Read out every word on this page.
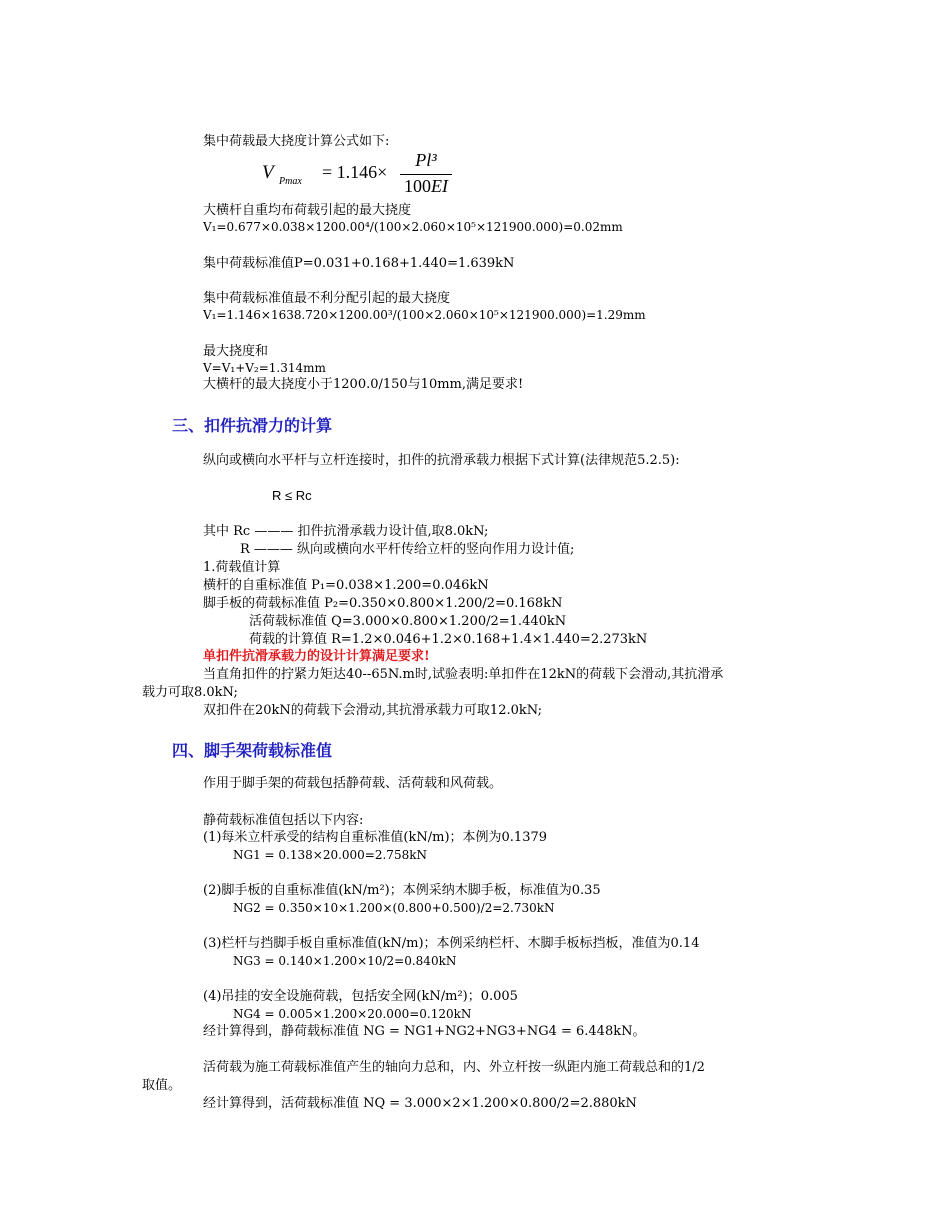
集中荷载最大挠度计算公式如下:
V Pmax = 1.146×
Pl³
100EI
大横杆自重均布荷载引起的最大挠度
V₁=0.677×0.038×1200.00⁴/(100×2.060×10⁵×121900.000)=0.02mm
集中荷载标准值P=0.031+0.168+1.440=1.639kN
集中荷载标准值最不利分配引起的最大挠度
V₁=1.146×1638.720×1200.00³/(100×2.060×10⁵×121900.000)=1.29mm
最大挠度和
V=V₁+V₂=1.314mm
大横杆的最大挠度小于1200.0/150与10mm,满足要求!
三、扣件抗滑力的计算
纵向或横向水平杆与立杆连接时，扣件的抗滑承载力根据下式计算(法律规范5.2.5):
R ≤ Rc
其中 Rc ——— 扣件抗滑承载力设计值,取8.0kN;
R ——— 纵向或横向水平杆传给立杆的竖向作用力设计值;
1.荷载值计算
横杆的自重标准值 P₁=0.038×1.200=0.046kN
脚手板的荷载标准值 P₂=0.350×0.800×1.200/2=0.168kN
活荷载标准值 Q=3.000×0.800×1.200/2=1.440kN
荷载的计算值 R=1.2×0.046+1.2×0.168+1.4×1.440=2.273kN
单扣件抗滑承载力的设计计算满足要求!
当直角扣件的拧紧力矩达40--65N.m时,试验表明:单扣件在12kN的荷载下会滑动,其抗滑承
载力可取8.0kN;
双扣件在20kN的荷载下会滑动,其抗滑承载力可取12.0kN;
四、脚手架荷载标准值
作用于脚手架的荷载包括静荷载、活荷载和风荷载。
静荷载标准值包括以下内容:
(1)每米立杆承受的结构自重标准值(kN/m)；本例为0.1379
NG1 = 0.138×20.000=2.758kN
(2)脚手板的自重标准值(kN/m²)；本例采纳木脚手板，标准值为0.35
NG2 = 0.350×10×1.200×(0.800+0.500)/2=2.730kN
(3)栏杆与挡脚手板自重标准值(kN/m)；本例采纳栏杆、木脚手板标挡板，准值为0.14
NG3 = 0.140×1.200×10/2=0.840kN
(4)吊挂的安全设施荷载，包括安全网(kN/m²)；0.005
NG4 = 0.005×1.200×20.000=0.120kN
经计算得到，静荷载标准值 NG = NG1+NG2+NG3+NG4 = 6.448kN。
活荷载为施工荷载标准值产生的轴向力总和，内、外立杆按一纵距内施工荷载总和的1/2
取值。
经计算得到，活荷载标准值 NQ = 3.000×2×1.200×0.800/2=2.880kN
